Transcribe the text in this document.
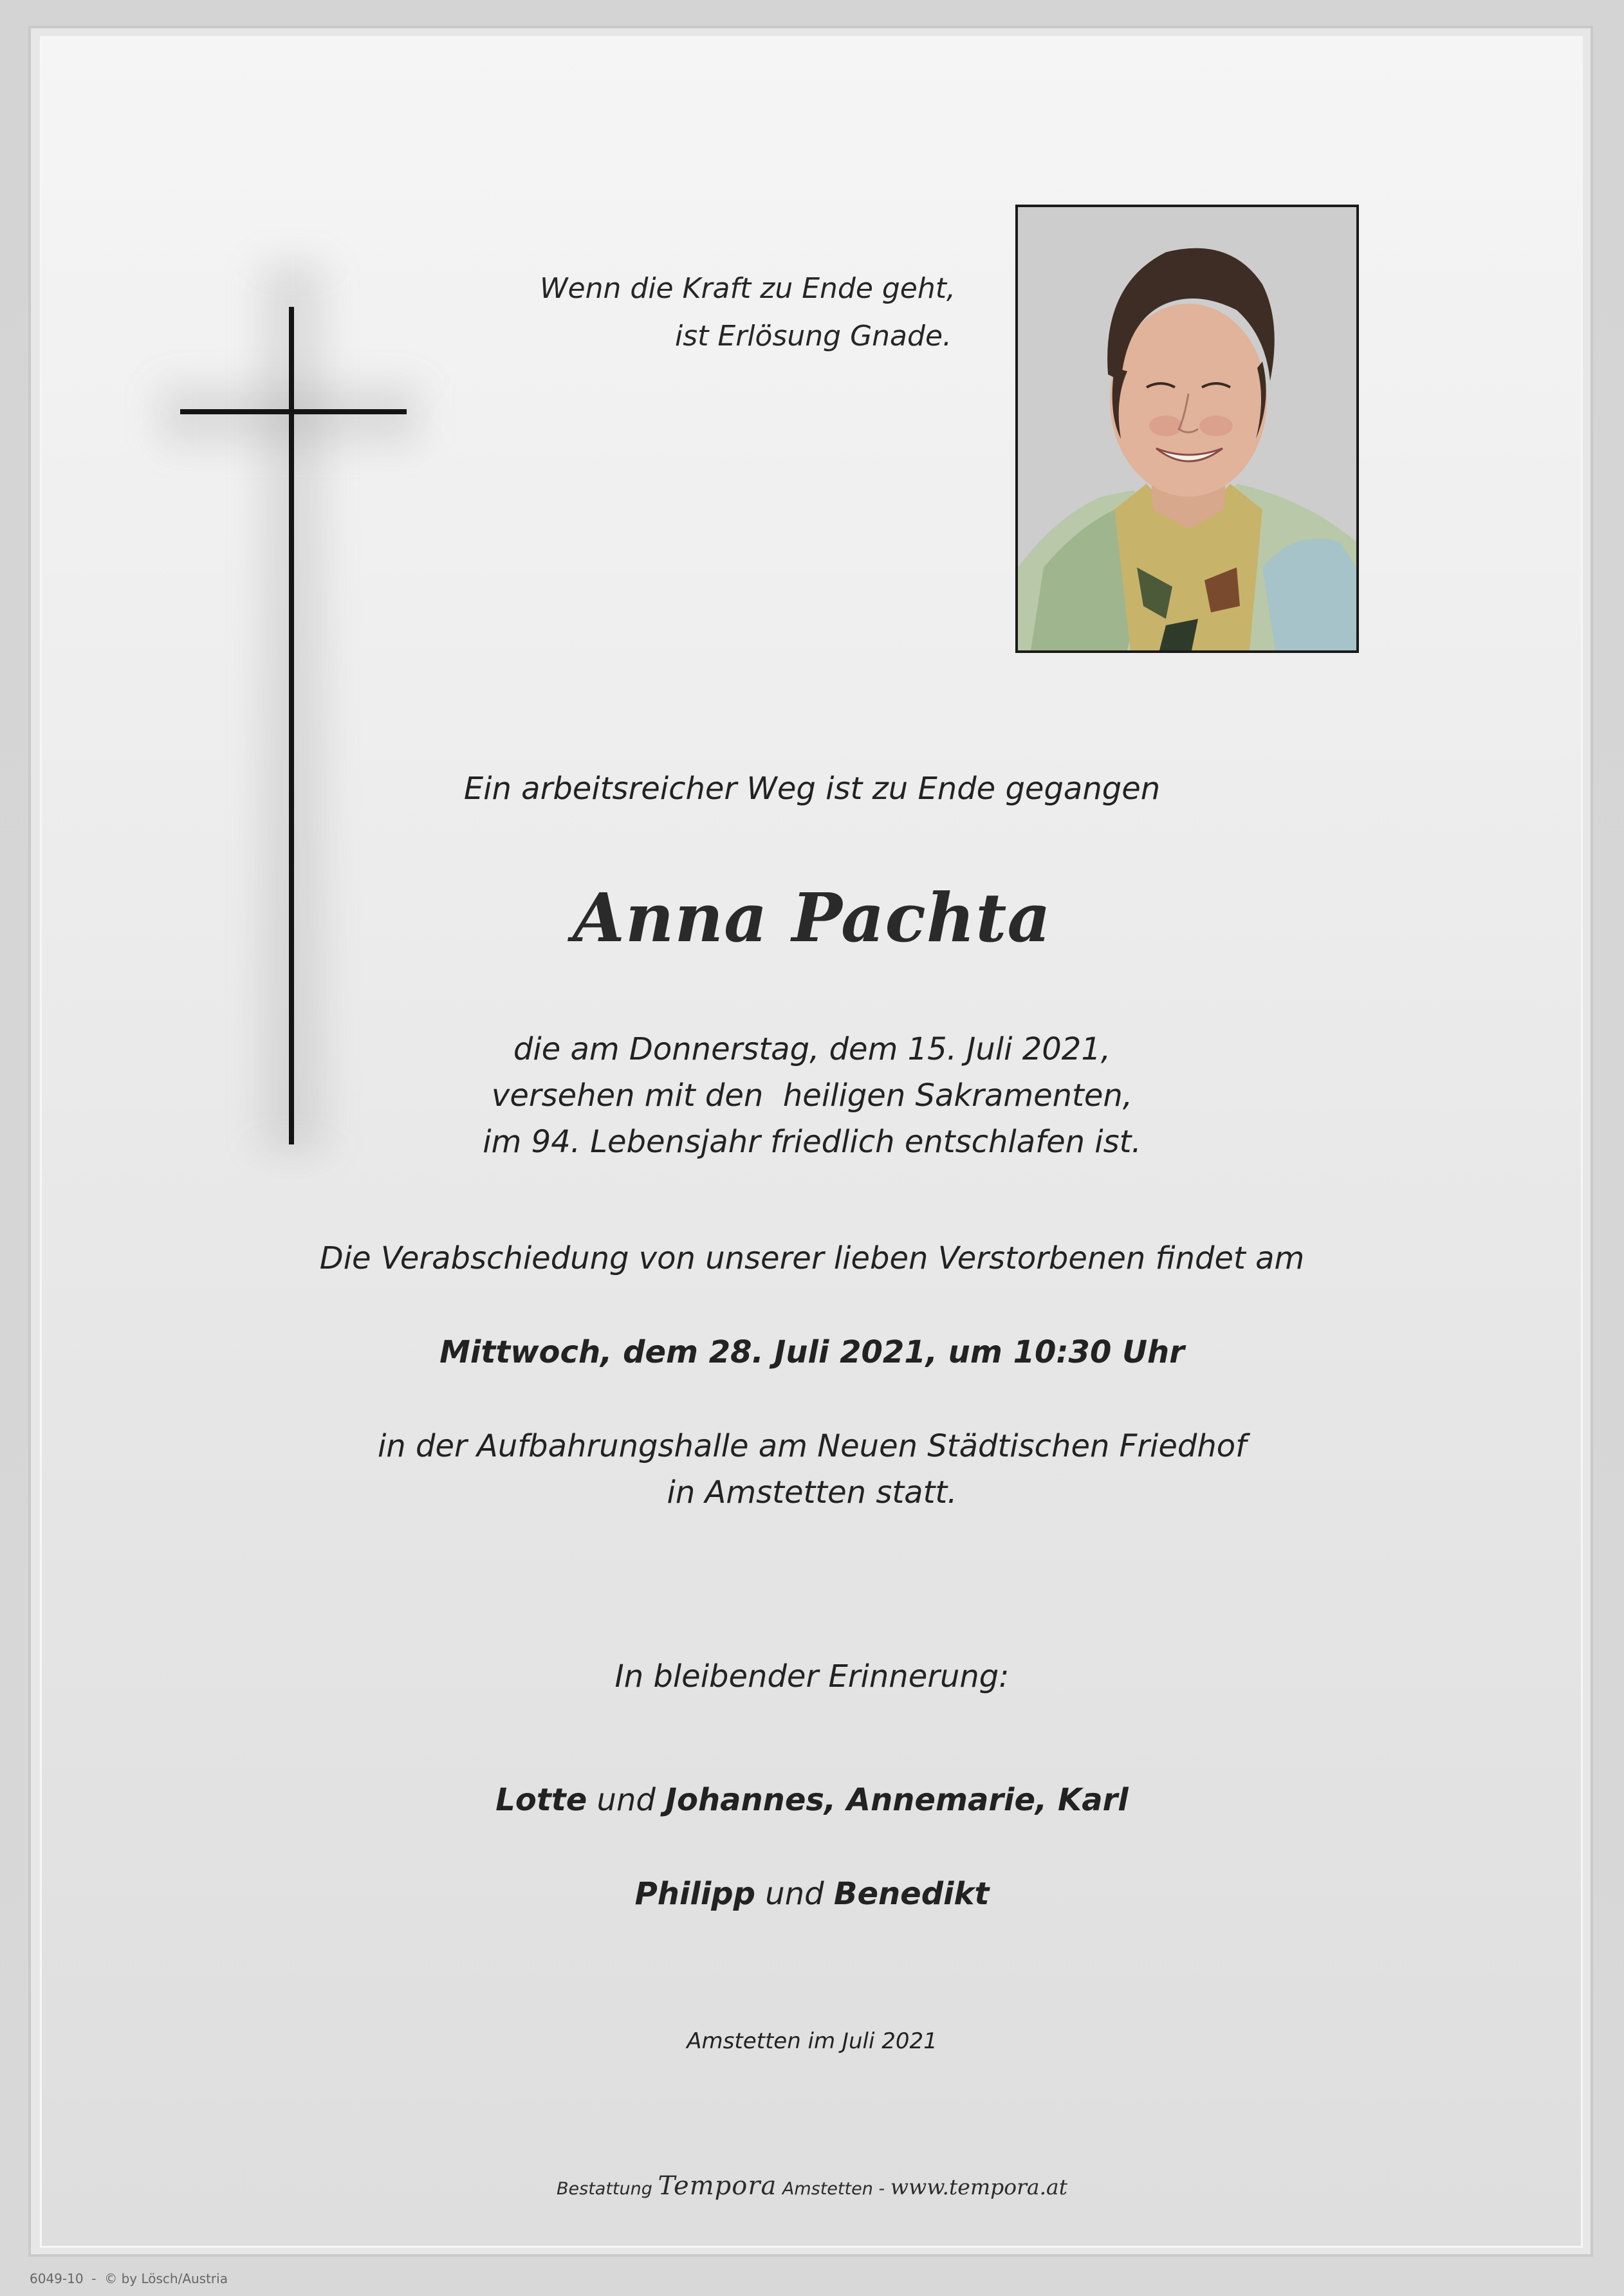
Wenn die Kraft zu Ende geht,
ist Erlösung Gnade.

Ein arbeitsreicher Weg ist zu Ende gegangen

Anna Pachta

die am Donnerstag, dem 15. Juli 2021,
versehen mit den  heiligen Sakramenten,
im 94. Lebensjahr friedlich entschlafen ist.

Die Verabschiedung von unserer lieben Verstorbenen findet am

Mittwoch, dem 28. Juli 2021, um 10:30 Uhr

in der Aufbahrungshalle am Neuen Städtischen Friedhof
in Amstetten statt.

In bleibender Erinnerung:

Lotte und Johannes, Annemarie, Karl

Philipp und Benedikt

Amstetten im Juli 2021

Bestattung Tempora Amstetten - www.tempora.at

6049-10  -  © by Lösch/Austria
